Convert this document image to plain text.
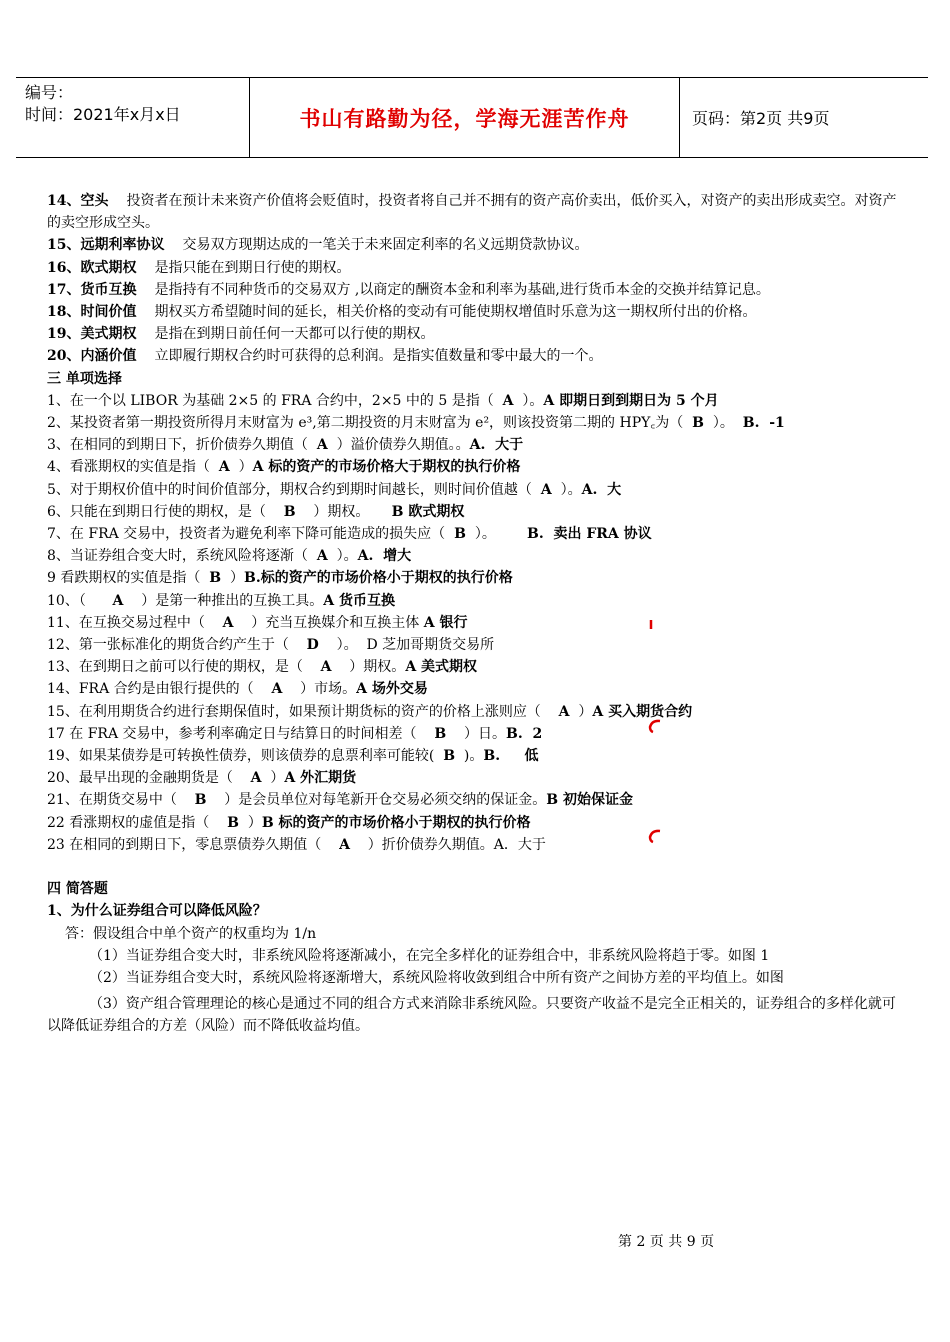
编号：
时间：2021年x月x日	书山有路勤为径，学海无涯苦作舟	页码：第2页 共9页
14、空头 投资者在预计未来资产价值将会贬值时，投资者将自己并不拥有的资产高价卖出，低价买入，对资产的卖出形成卖空。对资产的卖空形成空头。
15、远期利率协议 交易双方现期达成的一笔关于未来固定利率的名义远期贷款协议。
16、欧式期权 是指只能在到期日行使的期权。
17、货币互换 是指持有不同种货币的交易双方 ,以商定的酬资本金和利率为基础,进行货币本金的交换并结算记息。
18、时间价值 期权买方希望随时间的延长，相关价格的变动有可能使期权增值时乐意为这一期权所付出的价格。
19、美式期权 是指在到期日前任何一天都可以行使的期权。
20、内涵价值 立即履行期权合约时可获得的总利润。是指实值数量和零中最大的一个。
三 单项选择
1、在一个以 LIBOR 为基础 2×5 的 FRA 合约中，2×5 中的 5 是指（  A  ）。A 即期日到到期日为 5 个月
2、某投资者第一期投资所得月末财富为 e³,第二期投资的月末财富为 e²，则该投资第二期的 HPY꜀为（  B  ）。  B.  -1
3、在相同的到期日下，折价债券久期值（  A  ）溢价债券久期值。。A.  大于
4、看涨期权的实值是指（  A  ）A 标的资产的市场价格大于期权的执行价格
5、对于期权价值中的时间价值部分，期权合约到期时间越长，则时间价值越（  A  ）。A.  大
6、只能在到期日行使的期权，是（    B    ）期权。     B 欧式期权
7、在 FRA 交易中，投资者为避免利率下降可能造成的损失应（  B  ）。       B.  卖出 FRA 协议
8、当证券组合变大时，系统风险将逐渐（  A  ）。A.  增大
9 看跌期权的实值是指（  B  ）B.标的资产的市场价格小于期权的执行价格
10、（      A    ）是第一种推出的互换工具。A 货币互换
11、在互换交易过程中（    A    ）充当互换媒介和互换主体 A 银行
12、第一张标准化的期货合约产生于（    D    ）。  D 芝加哥期货交易所
13、在到期日之前可以行使的期权，是（    A    ）期权。A 美式期权
14、FRA 合约是由银行提供的（    A    ）市场。A 场外交易
15、在利用期货合约进行套期保值时，如果预计期货标的资产的价格上涨则应（    A  ）A 买入期货合约
17 在 FRA 交易中，参考利率确定日与结算日的时间相差（    B    ）日。B.  2
19、如果某债券是可转换性债券，则该债券的息票利率可能较(  B  )。B.     低
20、最早出现的金融期货是（    A  ）A 外汇期货
21、在期货交易中（    B    ）是会员单位对每笔新开仓交易必须交纳的保证金。B 初始保证金
22 看涨期权的虚值是指（    B  ）B 标的资产的市场价格小于期权的执行价格
23 在相同的到期日下，零息票债券久期值（    A    ）折价债券久期值。A．大于
四 简答题
1、为什么证券组合可以降低风险？
答：假设组合中单个资产的权重均为 1/n
（1）当证券组合变大时，非系统风险将逐渐减小，在完全多样化的证券组合中，非系统风险将趋于零。如图 1
（2）当证券组合变大时，系统风险将逐渐增大，系统风险将收敛到组合中所有资产之间协方差的平均值上。如图
（3）资产组合管理理论的核心是通过不同的组合方式来消除非系统风险。只要资产收益不是完全正相关的，证券组合的多样化就可以降低证券组合的方差（风险）而不降低收益均值。
第 2 页 共 9 页
